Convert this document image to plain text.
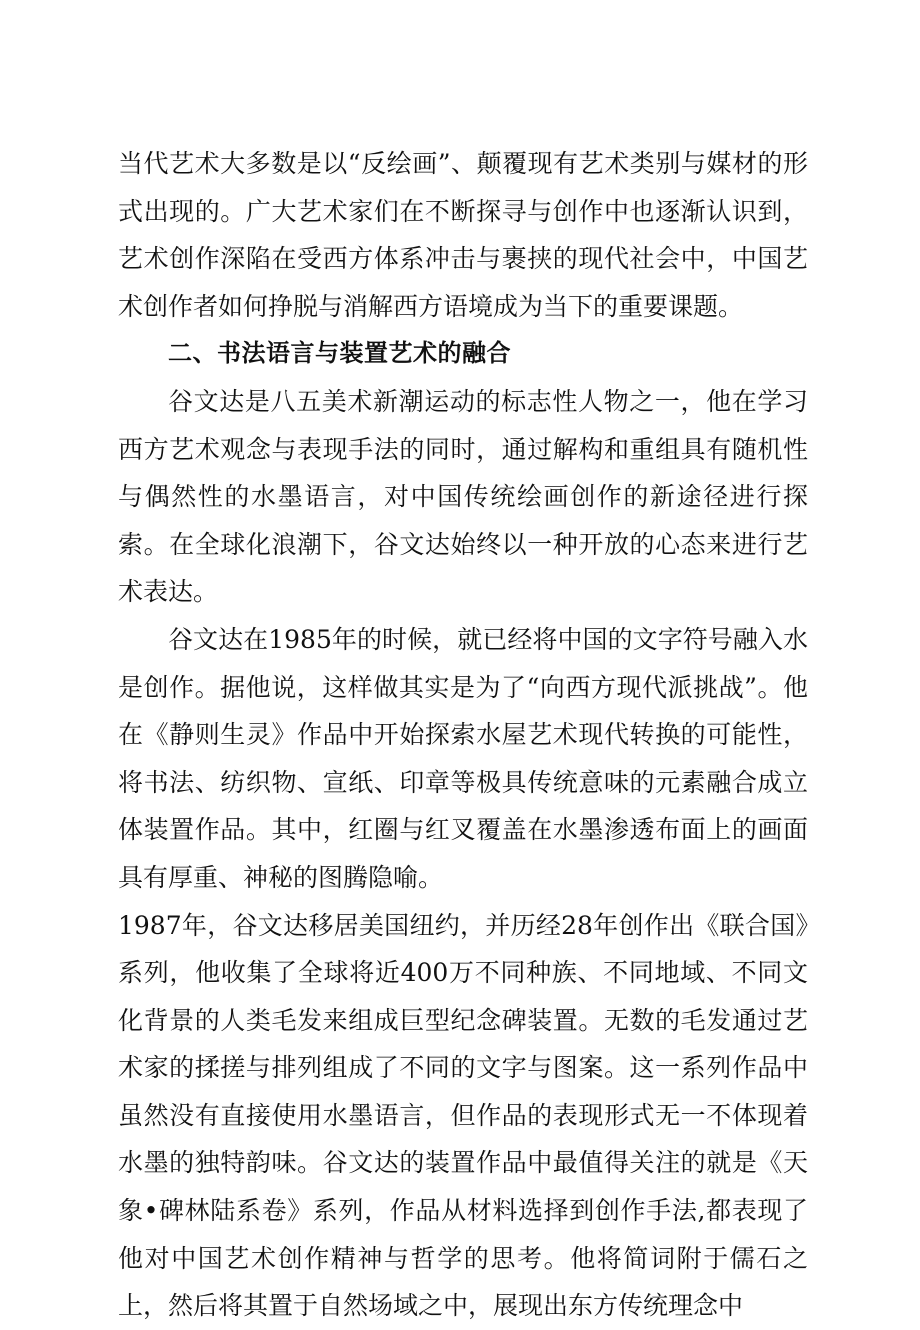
当代艺术大多数是以“反绘画”、颠覆现有艺术类别与媒材的形式出现的。广大艺术家们在不断探寻与创作中也逐渐认识到，艺术创作深陷在受西方体系冲击与裹挟的现代社会中，中国艺术创作者如何挣脱与消解西方语境成为当下的重要课题。

二、书法语言与装置艺术的融合

谷文达是八五美术新潮运动的标志性人物之一，他在学习西方艺术观念与表现手法的同时，通过解构和重组具有随机性与偶然性的水墨语言，对中国传统绘画创作的新途径进行探索。在全球化浪潮下，谷文达始终以一种开放的心态来进行艺术表达。

谷文达在1985年的时候，就已经将中国的文字符号融入水是创作。据他说，这样做其实是为了“向西方现代派挑战”。他在《静则生灵》作品中开始探索水屋艺术现代转换的可能性，将书法、纺织物、宣纸、印章等极具传统意味的元素融合成立体装置作品。其中，红圈与红叉覆盖在水墨渗透布面上的画面具有厚重、神秘的图腾隐喻。

1987年，谷文达移居美国纽约，并历经28年创作出《联合国》系列，他收集了全球将近400万不同种族、不同地域、不同文化背景的人类毛发来组成巨型纪念碑装置。无数的毛发通过艺术家的揉搓与排列组成了不同的文字与图案。这一系列作品中虽然没有直接使用水墨语言，但作品的表现形式无一不体现着水墨的独特韵味。谷文达的装置作品中最值得关注的就是《天象•碑林陆系卷》系列，作品从材料选择到创作手法,都表现了他对中国艺术创作精神与哲学的思考。他将简词附于儒石之上，然后将其置于自然场域之中，展现出东方传统理念中
